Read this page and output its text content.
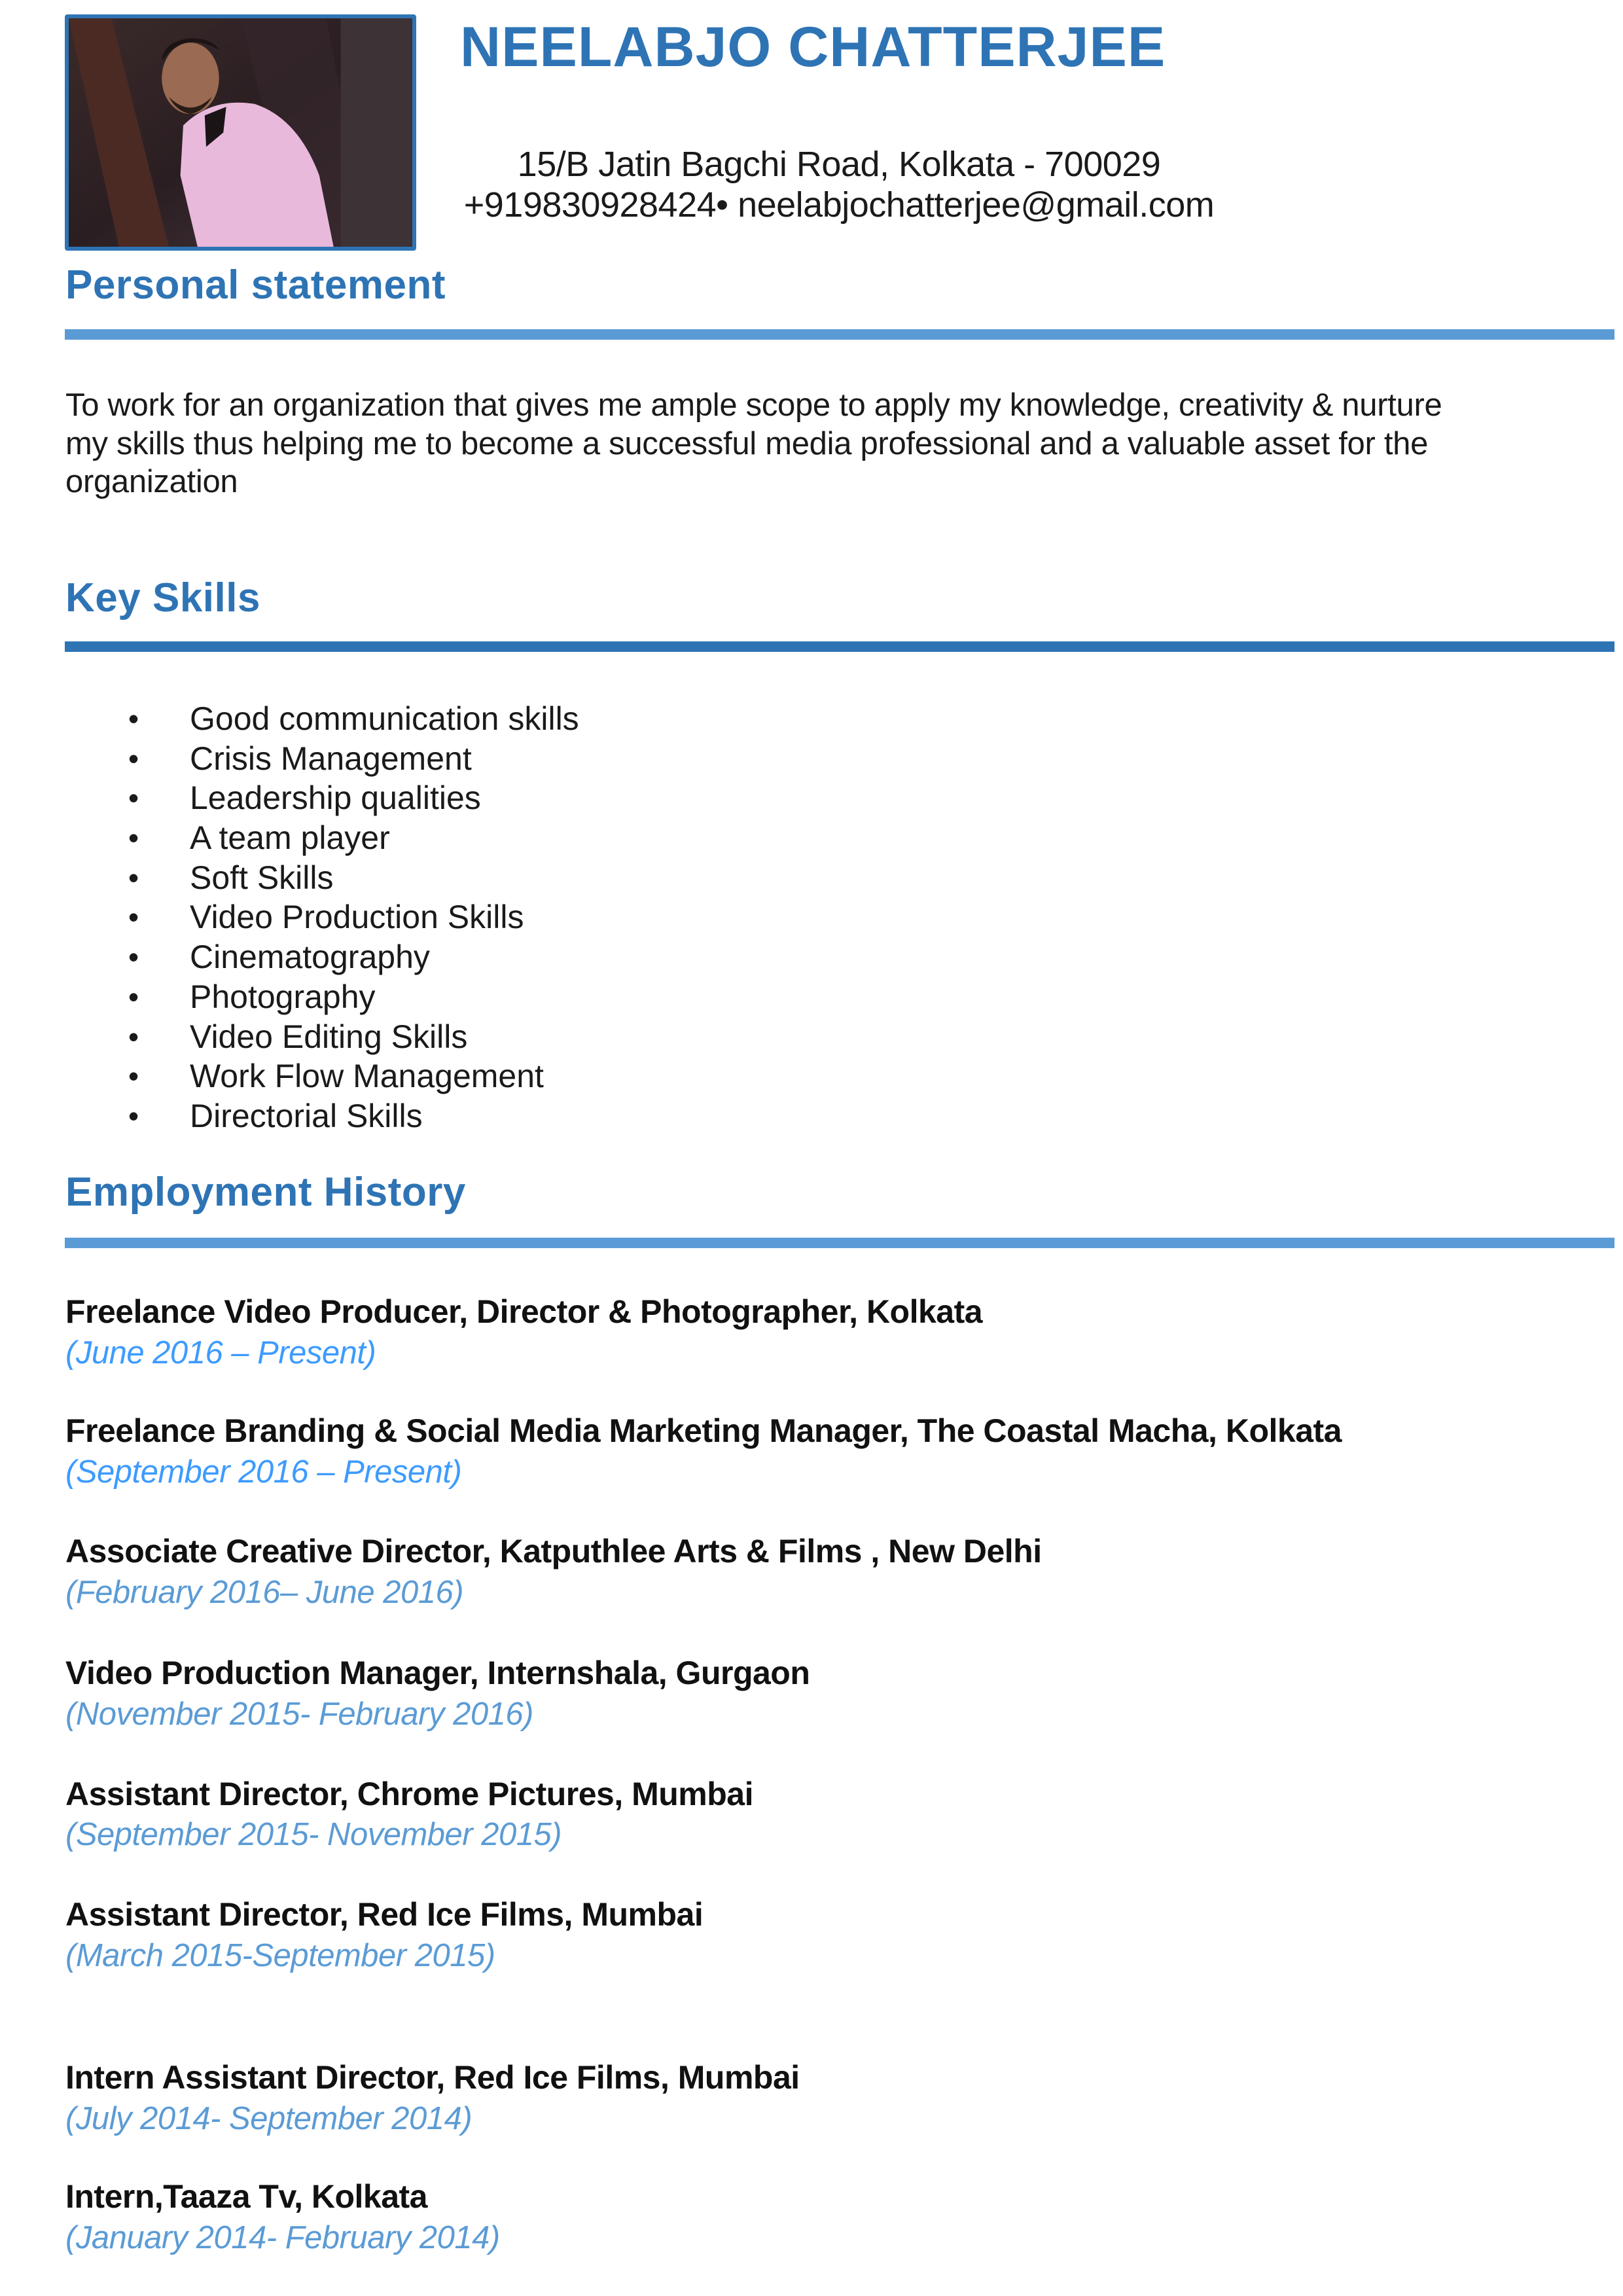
NEELABJO CHATTERJEE
15/B Jatin Bagchi Road, Kolkata - 700029
+919830928424• neelabjochatterjee@gmail.com
Personal statement
To work for an organization that gives me ample scope to apply my knowledge, creativity & nurture
my skills thus helping me to become a successful media professional and a valuable asset for the
organization
Key Skills
• Good communication skills
• Crisis Management
• Leadership qualities
• A team player
• Soft Skills
• Video Production Skills
• Cinematography
• Photography
• Video Editing Skills
• Work Flow Management
• Directorial Skills
Employment History
Freelance Video Producer, Director & Photographer, Kolkata
(June 2016 – Present)
Freelance Branding & Social Media Marketing Manager, The Coastal Macha, Kolkata
(September 2016 – Present)
Associate Creative Director, Katputhlee Arts & Films , New Delhi
(February 2016– June 2016)
Video Production Manager, Internshala, Gurgaon
(November 2015- February 2016)
Assistant Director, Chrome Pictures, Mumbai
(September 2015- November 2015)
Assistant Director, Red Ice Films, Mumbai
(March 2015-September 2015)
Intern Assistant Director, Red Ice Films, Mumbai
(July 2014- September 2014)
Intern,Taaza Tv, Kolkata
(January 2014- February 2014)
